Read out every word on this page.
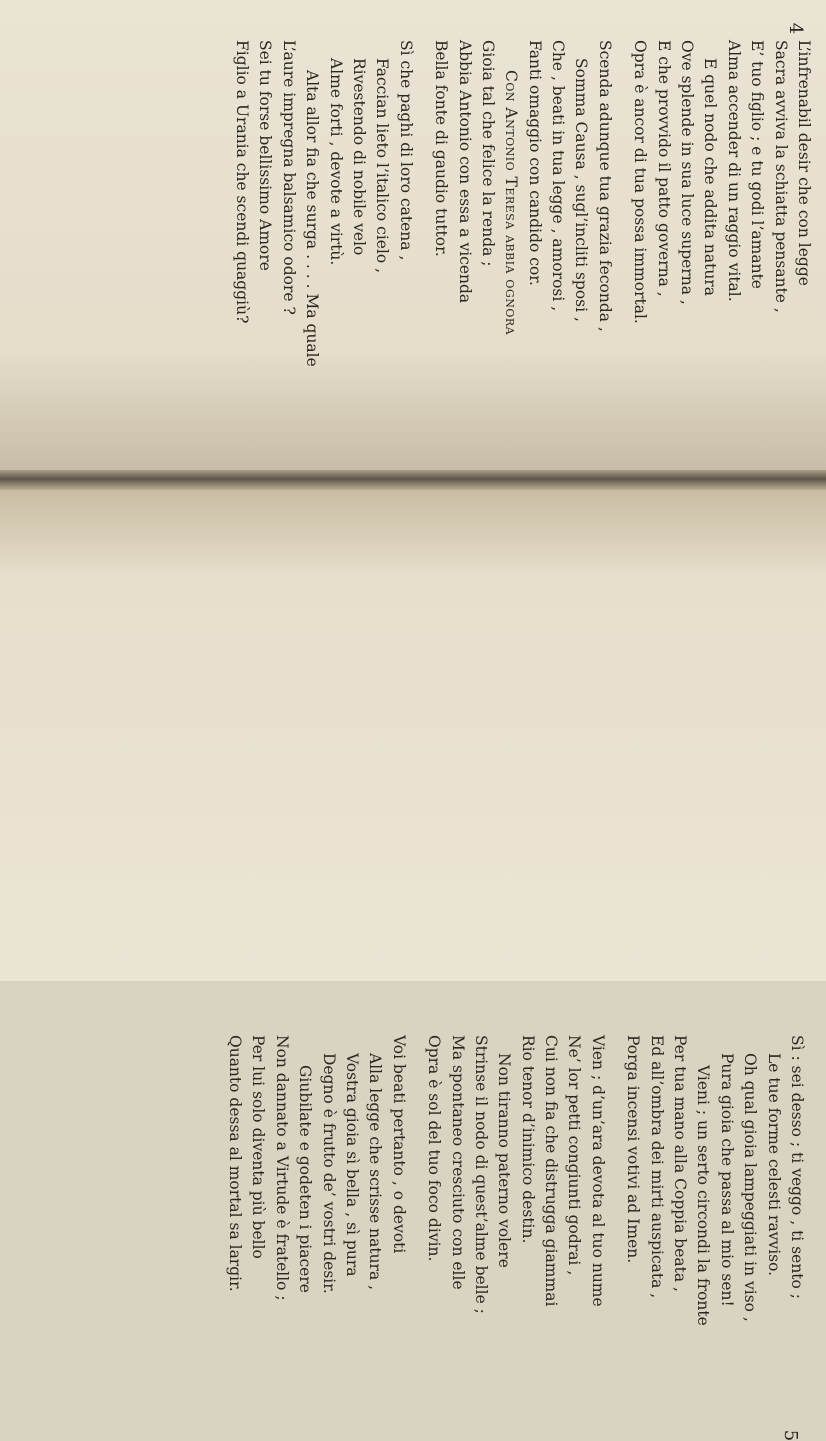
4
L’infrenabil desir che con legge
Sacra avviva la schiatta pensante ,
E’ tuo figlio ; e tu godi l’amante
Alma accender di un raggio vital.
E quel nodo che addita natura
Ove splende in sua luce superna ,
E che provvido il patto governa ,
Opra è ancor di tua possa immortal.
Scenda adunque tua grazia feconda ,
Somma Causa , sugl’incliti sposi ,
Che , beati in tua legge , amorosi ,
Fanti omaggio con candido cor.
Con Antonio Teresa abbia ognora
Gioia tal che felice la renda ;
Abbia Antonio con essa a vicenda
Bella fonte di gaudio tuttor.
Sì che paghi di loro catena ,
Faccian lieto l’italico cielo ,
Rivestendo di nobile velo
Alme forti , devote a virtù.
Alta allor fia che surga . . . . Ma quale
L’aure impregna balsamico odore ?
Sei tu forse bellissimo Amore
Figlio a Urania che scendi quaggiù?
Sì : sei desso ; ti veggo , ti sento ;
Le tue forme celesti ravviso.
Oh qual gioia lampeggiati in viso ,
Pura gioia che passa al mio sen!
Vieni ; un serto circondi la fronte
Per tua mano alla Coppia beata ,
Ed all’ombra dei mirti auspicata ,
Porga incensi votivi ad Imen.
Vien ; d’un’ara devota al tuo nume
Ne’ lor petti congiunti godrai ,
Cui non fia che distrugga giammai
Rio tenor d’inimico destin.
Non tiranno paterno volere
Strinse il nodo di quest’alme belle ;
Ma spontaneo cresciuto con elle
Opra è sol del tuo foco divin.
Voi beati pertanto , o devoti
Alla legge che scrisse natura ,
Vostra gioia sì bella , sì pura
Degno è frutto de’ vostri desir.
Giubilate e godeten i piacere
Non dannato a Virtude è fratello ;
Per lui solo diventa più bello
Quanto dessa al mortal sa largir.
5
